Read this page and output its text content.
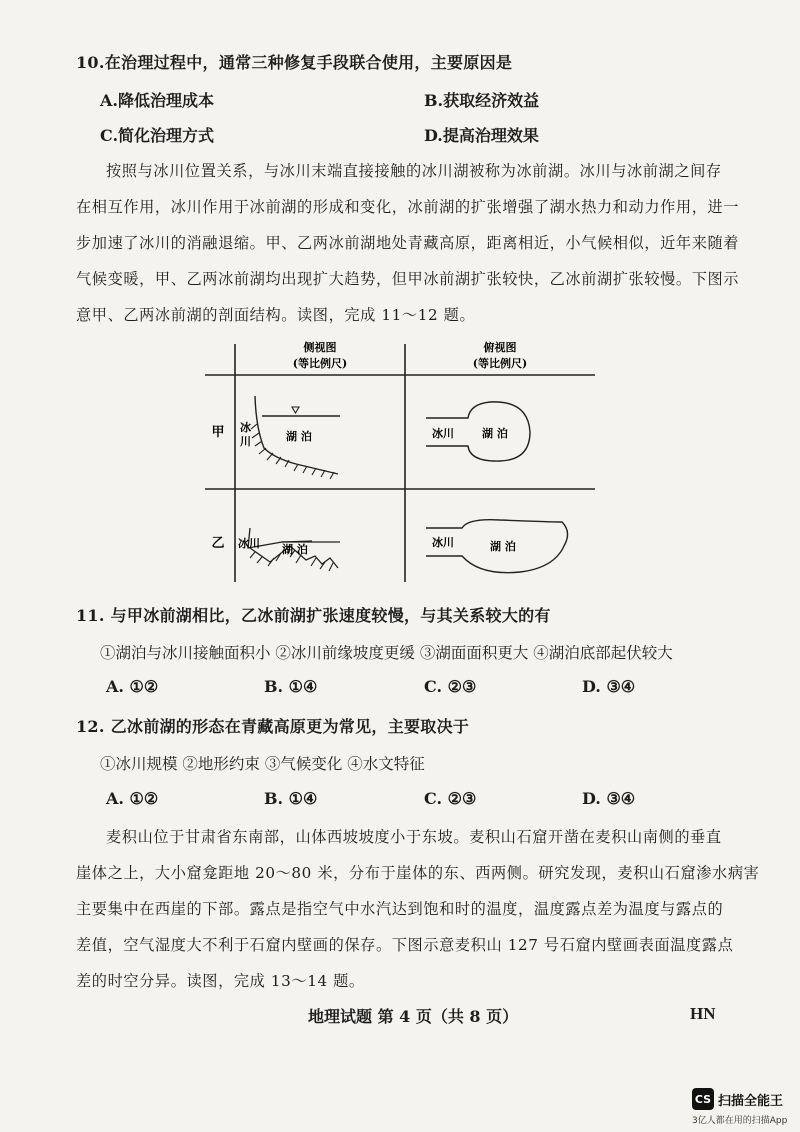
10.在治理过程中，通常三种修复手段联合使用，主要原因是
A.降低治理成本	B.获取经济效益
C.简化治理方式	D.提高治理效果
按照与冰川位置关系，与冰川末端直接接触的冰川湖被称为冰前湖。冰川与冰前湖之间存
在相互作用，冰川作用于冰前湖的形成和变化，冰前湖的扩张增强了湖水热力和动力作用，进一
步加速了冰川的消融退缩。甲、乙两冰前湖地处青藏高原，距离相近，小气候相似，近年来随着
气候变暖，甲、乙两冰前湖均出现扩大趋势，但甲冰前湖扩张较快，乙冰前湖扩张较慢。下图示
意甲、乙两冰前湖的剖面结构。读图，完成 11～12 题。
侧视图
(等比例尺)
俯视图
(等比例尺)
甲
乙
冰
川	湖 泊	冰川	湖 泊
冰川 湖 泊
冰川	湖 泊
11. 与甲冰前湖相比，乙冰前湖扩张速度较慢，与其关系较大的有
①湖泊与冰川接触面积小 ②冰川前缘坡度更缓 ③湖面面积更大 ④湖泊底部起伏较大
A. ①②	B. ①④	C. ②③	D. ③④
12. 乙冰前湖的形态在青藏高原更为常见，主要取决于
①冰川规模 ②地形约束 ③气候变化 ④水文特征
A. ①②	B. ①④	C. ②③	D. ③④
麦积山位于甘肃省东南部，山体西坡坡度小于东坡。麦积山石窟开凿在麦积山南侧的垂直
崖体之上，大小窟龛距地 20～80 米，分布于崖体的东、西两侧。研究发现，麦积山石窟渗水病害
主要集中在西崖的下部。露点是指空气中水汽达到饱和时的温度，温度露点差为温度与露点的
差值，空气湿度大不利于石窟内壁画的保存。下图示意麦积山 127 号石窟内壁画表面温度露点
差的时空分异。读图，完成 13～14 题。
地理试题 第 4 页（共 8 页）	HN
CS 扫描全能王
3亿人都在用的扫描App
